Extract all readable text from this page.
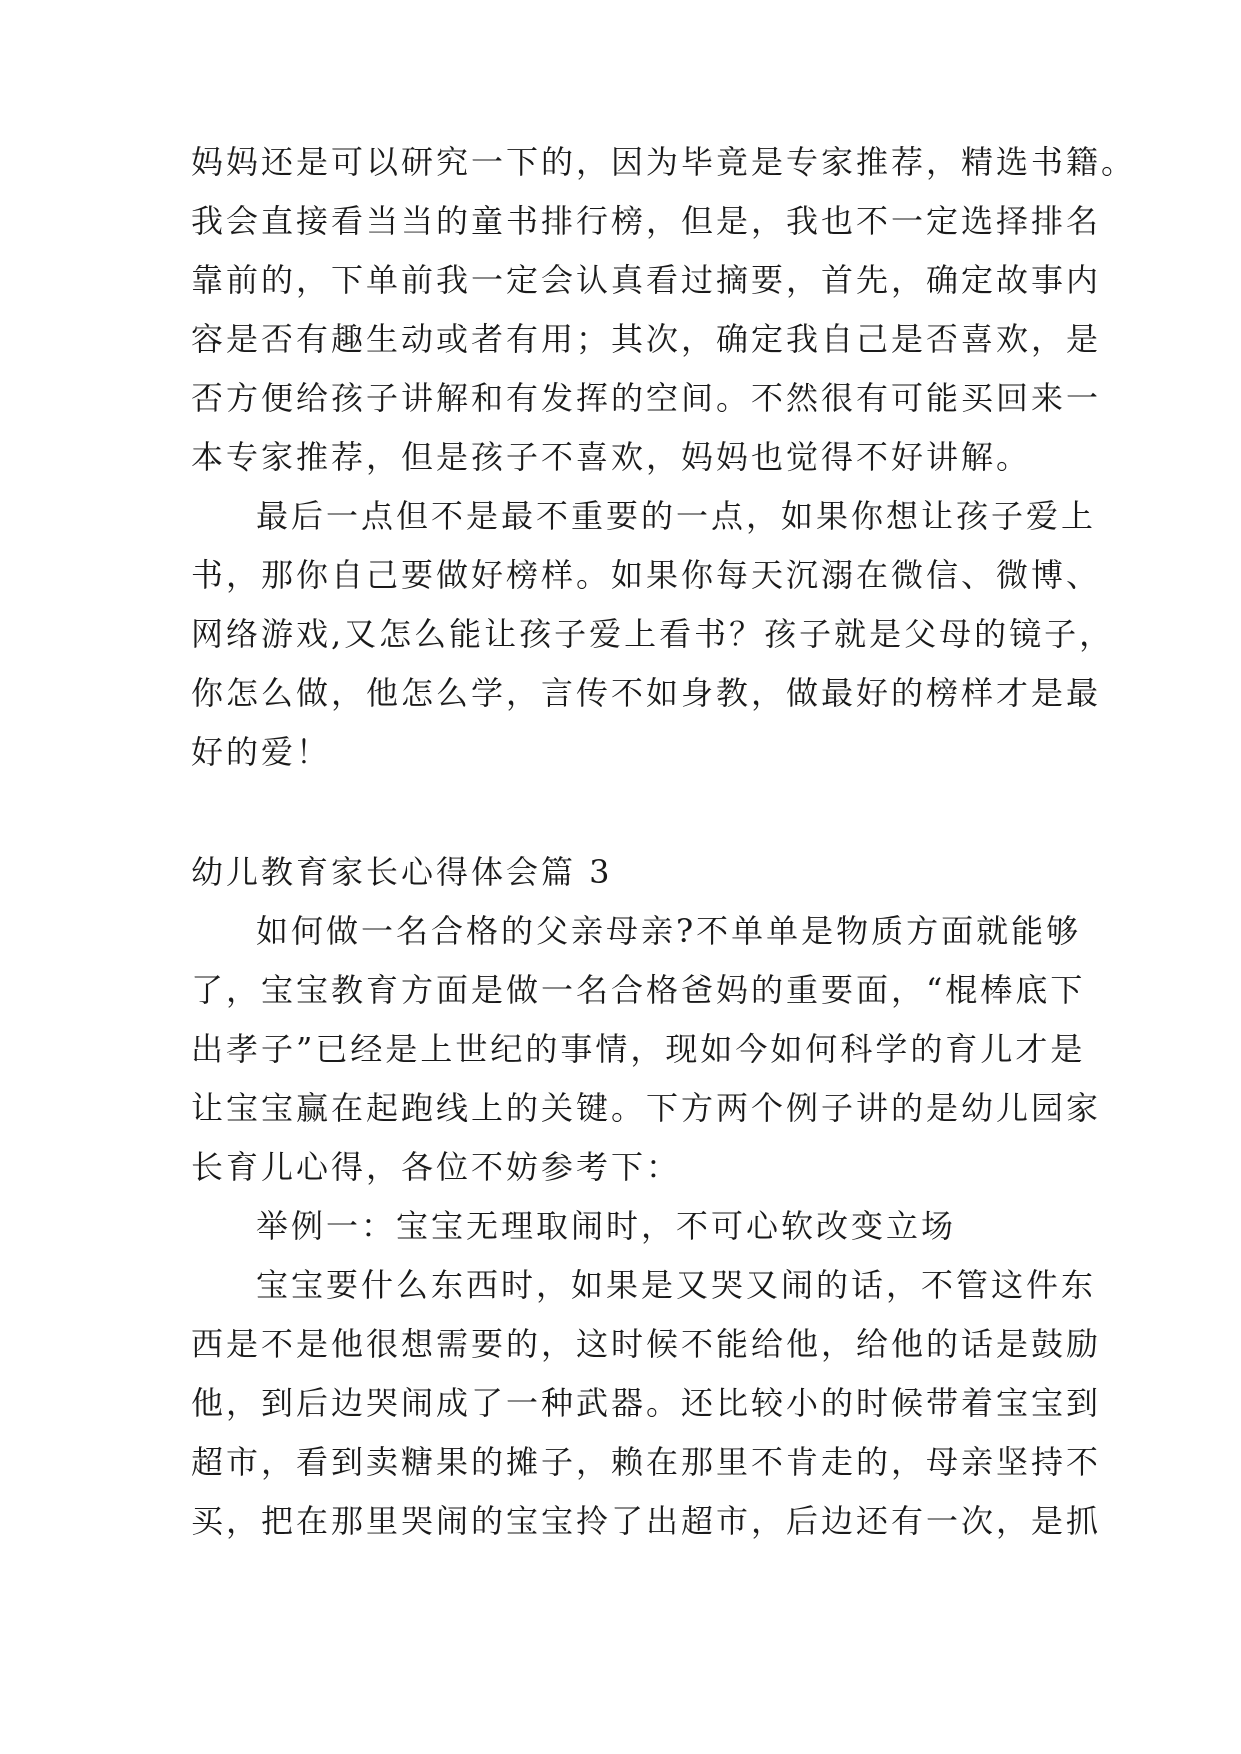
妈妈还是可以研究一下的，因为毕竟是专家推荐，精选书籍。
我会直接看当当的童书排行榜，但是，我也不一定选择排名
靠前的，下单前我一定会认真看过摘要，首先，确定故事内
容是否有趣生动或者有用；其次，确定我自己是否喜欢，是
否方便给孩子讲解和有发挥的空间。不然很有可能买回来一
本专家推荐，但是孩子不喜欢，妈妈也觉得不好讲解。
最后一点但不是最不重要的一点，如果你想让孩子爱上
书，那你自己要做好榜样。如果你每天沉溺在微信、微博、
网络游戏,又怎么能让孩子爱上看书？孩子就是父母的镜子，
你怎么做，他怎么学，言传不如身教，做最好的榜样才是最
好的爱！
幼儿教育家长心得体会篇 3
如何做一名合格的父亲母亲?不单单是物质方面就能够
了，宝宝教育方面是做一名合格爸妈的重要面，“棍棒底下
出孝子”已经是上世纪的事情，现如今如何科学的育儿才是
让宝宝赢在起跑线上的关键。下方两个例子讲的是幼儿园家
长育儿心得，各位不妨参考下：
举例一：宝宝无理取闹时，不可心软改变立场
宝宝要什么东西时，如果是又哭又闹的话，不管这件东
西是不是他很想需要的，这时候不能给他，给他的话是鼓励
他，到后边哭闹成了一种武器。还比较小的时候带着宝宝到
超市，看到卖糖果的摊子，赖在那里不肯走的，母亲坚持不
买，把在那里哭闹的宝宝拎了出超市，后边还有一次，是抓
